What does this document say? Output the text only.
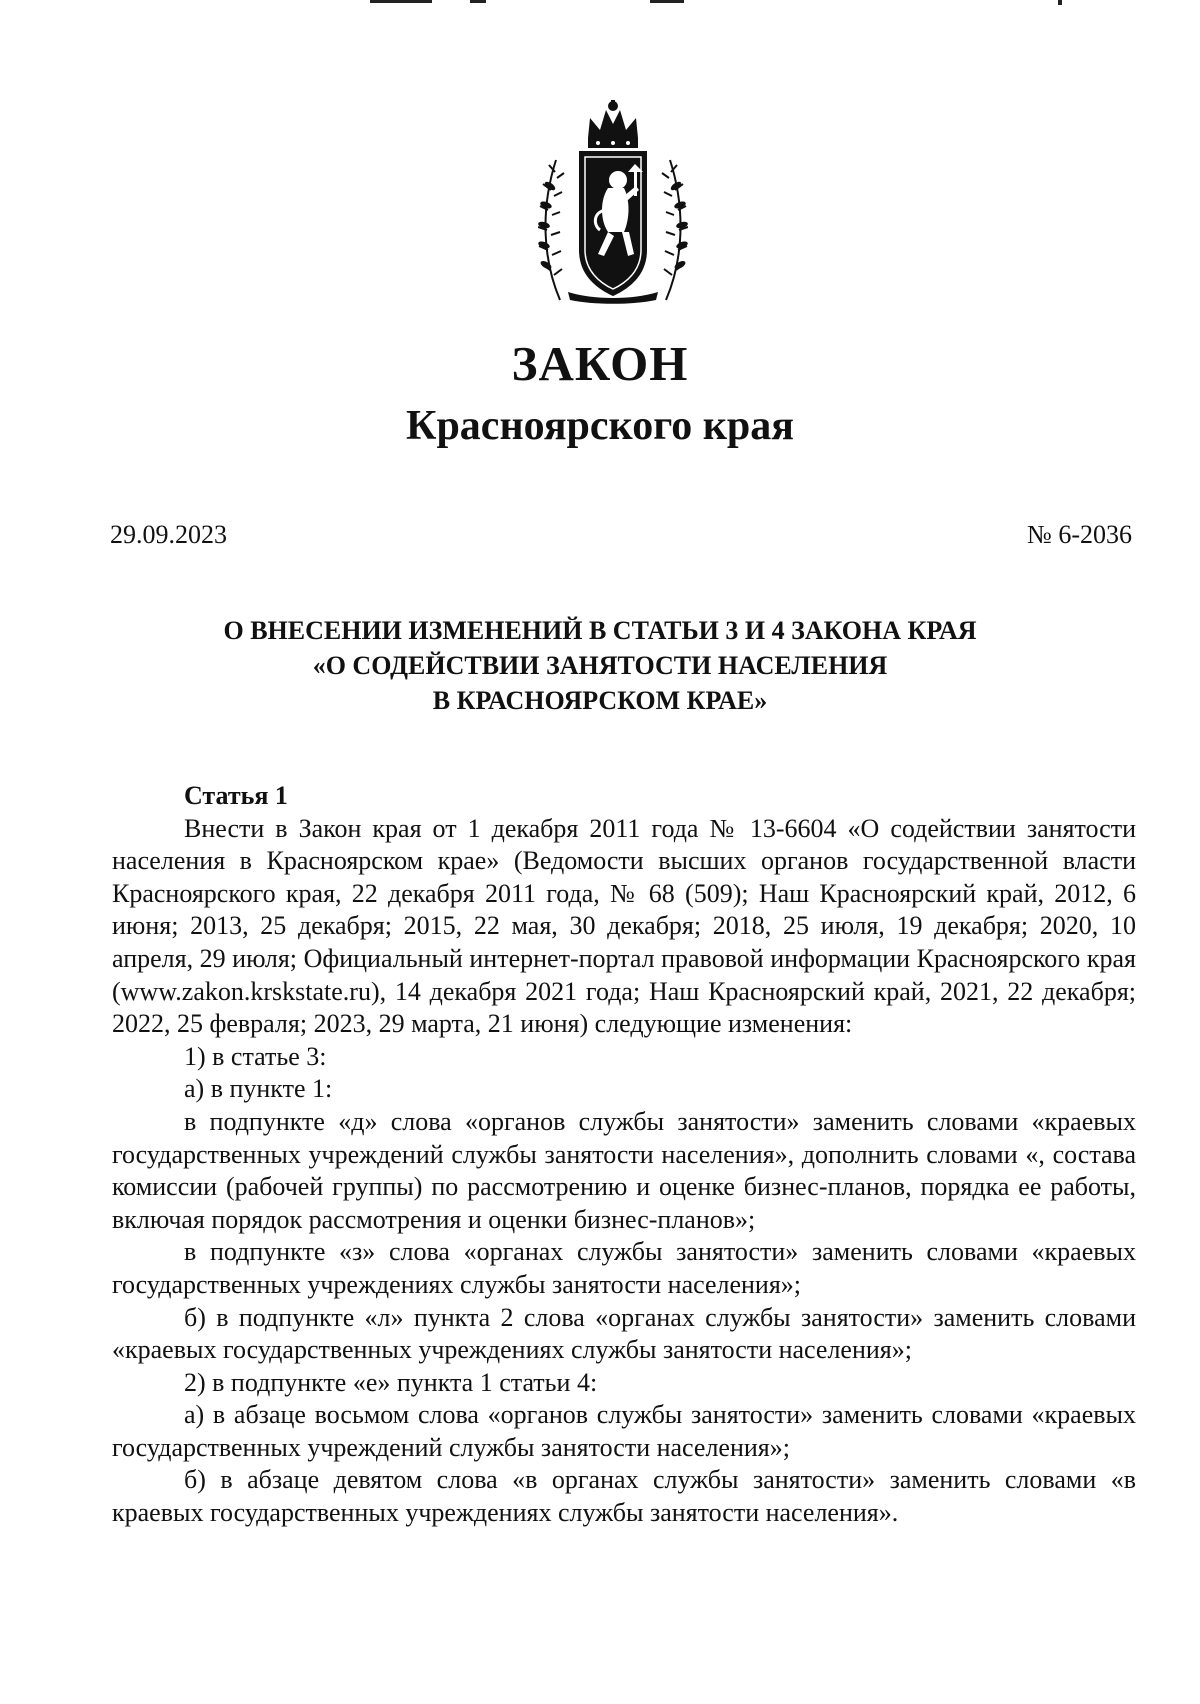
ЗАКОН
Красноярского края
29.09.2023	№ 6-2036
О ВНЕСЕНИИ ИЗМЕНЕНИЙ В СТАТЬИ 3 И 4 ЗАКОНА КРАЯ
«О СОДЕЙСТВИИ ЗАНЯТОСТИ НАСЕЛЕНИЯ
В КРАСНОЯРСКОМ КРАЕ»

Статья 1

Внести в Закон края от 1 декабря 2011 года № 13-6604 «О содействии занятости населения в Красноярском крае» (Ведомости высших органов государственной власти Красноярского края, 22 декабря 2011 года, № 68 (509); Наш Красноярский край, 2012, 6 июня; 2013, 25 декабря; 2015, 22 мая, 30 декабря; 2018, 25 июля, 19 декабря; 2020, 10 апреля, 29 июля; Официальный интернет-портал правовой информации Красноярского края (www.zakon.krskstate.ru), 14 декабря 2021 года; Наш Красноярский край, 2021, 22 декабря; 2022, 25 февраля; 2023, 29 марта, 21 июня) следующие изменения:

1) в статье 3:

а) в пункте 1:

в подпункте «д» слова «органов службы занятости» заменить словами «краевых государственных учреждений службы занятости населения», дополнить словами «, состава комиссии (рабочей группы) по рассмотрению и оценке бизнес-планов, порядка ее работы, включая порядок рассмотрения и оценки бизнес-планов»;

в подпункте «з» слова «органах службы занятости» заменить словами «краевых государственных учреждениях службы занятости населения»;

б) в подпункте «л» пункта 2 слова «органах службы занятости» заменить словами «краевых государственных учреждениях службы занятости населения»;

2) в подпункте «е» пункта 1 статьи 4:

а) в абзаце восьмом слова «органов службы занятости» заменить словами «краевых государственных учреждений службы занятости населения»;

б) в абзаце девятом слова «в органах службы занятости» заменить словами «в краевых государственных учреждениях службы занятости населения».
